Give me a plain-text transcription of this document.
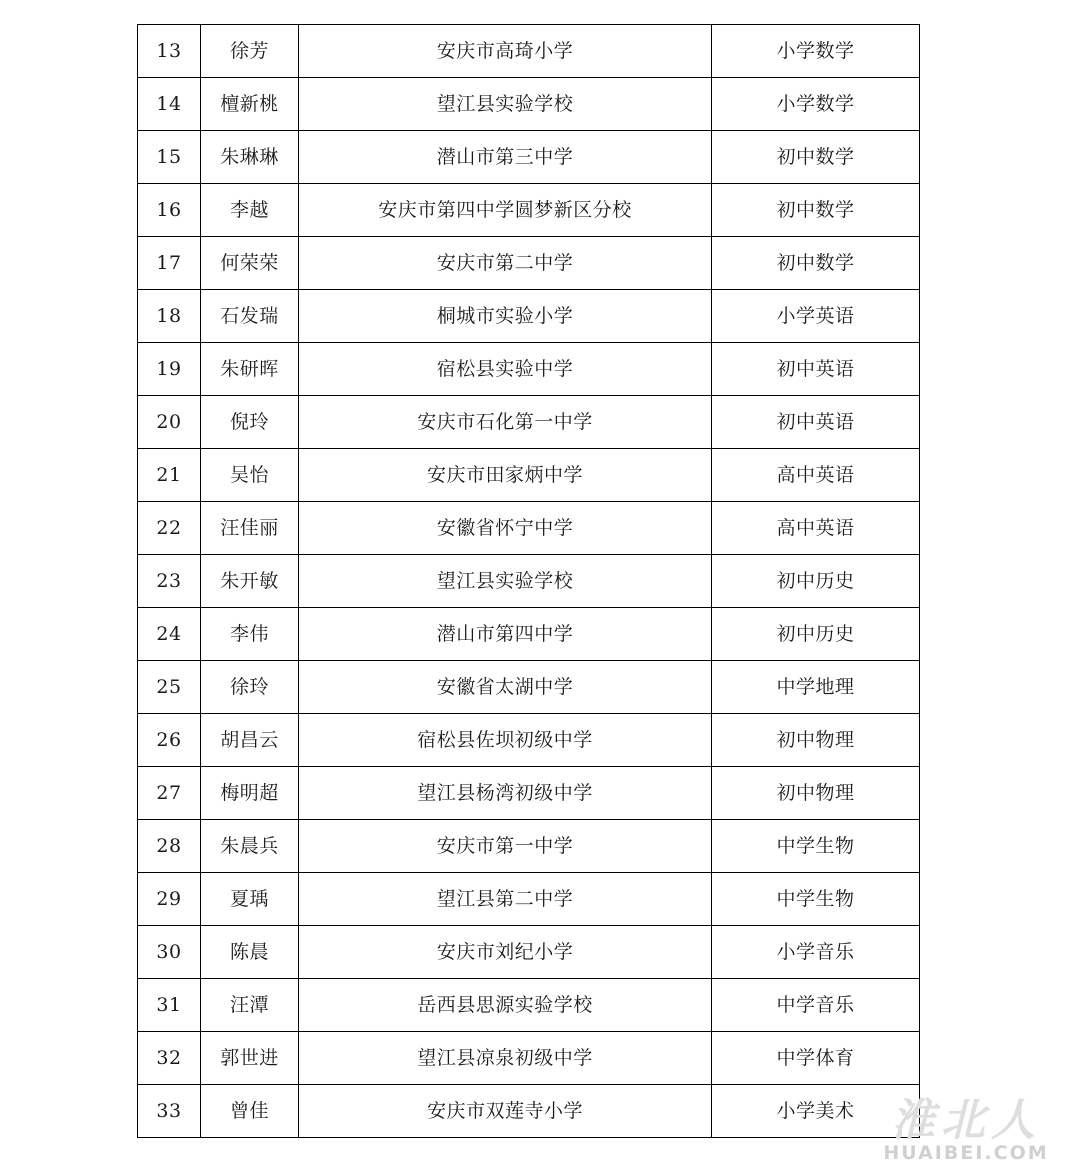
13	徐芳	安庆市高琦小学	小学数学
14	檀新桃	望江县实验学校	小学数学
15	朱琳琳	潜山市第三中学	初中数学
16	李越	安庆市第四中学圆梦新区分校	初中数学
17	何荣荣	安庆市第二中学	初中数学
18	石发瑞	桐城市实验小学	小学英语
19	朱研晖	宿松县实验中学	初中英语
20	倪玲	安庆市石化第一中学	初中英语
21	吴怡	安庆市田家炳中学	高中英语
22	汪佳丽	安徽省怀宁中学	高中英语
23	朱开敏	望江县实验学校	初中历史
24	李伟	潜山市第四中学	初中历史
25	徐玲	安徽省太湖中学	中学地理
26	胡昌云	宿松县佐坝初级中学	初中物理
27	梅明超	望江县杨湾初级中学	初中物理
28	朱晨兵	安庆市第一中学	中学生物
29	夏瑀	望江县第二中学	中学生物
30	陈晨	安庆市刘纪小学	小学音乐
31	汪潭	岳西县思源实验学校	中学音乐
32	郭世进	望江县凉泉初级中学	中学体育
33	曾佳	安庆市双莲寺小学	小学美术 淮北人
HUAIBEI.COM
